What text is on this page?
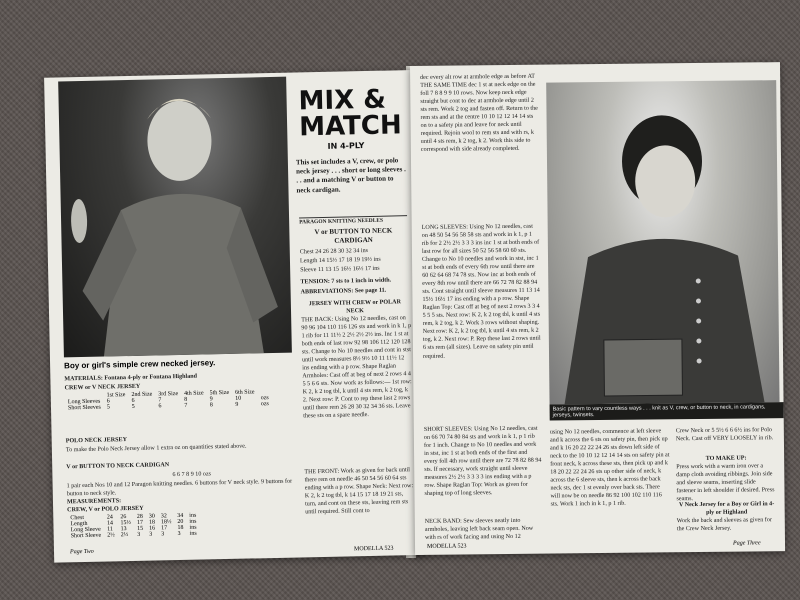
MIX &
MATCH
IN 4-PLY
This set includes a V, crew, or polo neck jersey . . . short or long sleeves . . . and a matching V or button to neck cardigan.
PARAGON KNITTING NEEDLES
V or BUTTON TO NECK CARDIGAN
Chest 24 26 28 30 32 34 ins
Length 14 15½ 17 18 19 19½ ins
Sleeve 11 13 15 16½ 16½ 17 ins
TENSION: 7 sts to 1 inch in width.
ABBREVIATIONS: See page 11.
JERSEY WITH CREW or POLAR NECK
THE BACK: Using No 12 needles, cast on 90 96 104 110 116 126 sts and work in k 1, p 1 rib for 11 11½ 2 2½ 2½ 2½ ins. Inc 1 st at both ends of last row 92 98 106 112 120 128 sts. Change to No 10 needles and cont in stst until work measures 8½ 9½ 10 11 11½ 12 ins ending with a p row. Shape Raglan Armholes: Cast off at beg of next 2 rows 4 4 5 5 6 6 sts. Now work as follows:— 1st row: K 2, k 2 tog tbl, k until 4 sts rem, k 2 tog, k 2. Next row: P. Cont to rep these last 2 rows until there rem 26 28 30 32 34 36 sts. Leave these sts on a spare needle.
THE FRONT: Work as given for back until there rem on needle 46 50 54 56 60 64 sts ending with a p row. Shape Neck: Next row: K 2, k 2 tog tbl, k 14 15 17 18 19 21 sts, turn, and cont on these sts, leaving rem sts until required. Still cont to
Boy or girl's simple crew necked jersey.
MATERIALS: Fontana 4-ply or Fontana Highland
CREW or V NECK JERSEY
	1st Size	2nd Size	3rd Size	4th Size	5th Size	6th Size	
Long Sleeves	6	6	7	8	9	10	ozs
Short Sleeves	5	5	6	7	8	9	ozs
POLO NECK JERSEY
To make the Polo Neck Jersey allow 1 extra oz on quantities stated above.
V or BUTTON TO NECK CARDIGAN
6 6 7 8 9 10 ozs
1 pair each Nos 10 and 12 Paragon knitting needles. 6 buttons for V neck style. 9 buttons for button to neck style.
MEASUREMENTS:
CREW, V or POLO JERSEY
Chest	24	26	28	30	32	34	ins
Length	14	15½	17	18	18½	20	ins
Long Sleeve	11	13	15	16	17	18	ins
Short Sleeve	2½	2½	3	3	3	3	ins
Page Two	MODELLA 523
dec every alt row at armhole edge as before AT THE SAME TIME dec 1 st at neck edge on the foll 7 8 8 9 9 10 rows. Now keep neck edge straight but cont to dec at armhole edge until 2 sts rem. Work 2 tog and fasten off. Return to the rem sts and at the centre 10 10 12 12 14 14 sts on to a safety pin and leave for neck until required. Rejoin wool to rem sts and with rs, k until 4 sts rem, k 2 tog, k 2. Work this side to correspond with side already completed.
LONG SLEEVES: Using No 12 needles, cast on 48 50 54 56 58 58 sts and work in k 1, p 1 rib for 2 2½ 2½ 3 3 3 ins inc 1 st at both ends of last row for all sizes 50 52 56 58 60 60 sts. Change to No 10 needles and work in stst, inc 1 st at both ends of every 6th row until there are 60 62 64 68 74 78 sts. Now inc at both ends of every 8th row until there are 66 72 78 82 88 94 sts. Cont straight until sleeve measures 11 13 14 15½ 16½ 17 ins ending with a p row. Shape Raglan Top: Cast off at beg of next 2 rows 3 3 4 5 5 5 sts. Next row: K 2, k 2 tog tbl, k until 4 sts rem, k 2 tog, k 2. Work 3 rows without shaping. Next row: K 2, k 2 tog tbl, k until 4 sts rem, k 2 tog, k 2. Next row: P. Rep these last 2 rows until 6 sts rem (all sizes). Leave on safety pin until required.
SHORT SLEEVES: Using No 12 needles, cast on 66 70 74 80 84 sts and work in k 1, p 1 rib for 1 inch. Change to No 10 needles and work in stst, inc 1 st at both ends of the first and every foll 4th row until there are 72 78 82 88 94 sts. If necessary, work straight until sleeve measures 2½ 2½ 3 3 3 3 ins ending with a p row. Shape Raglan Top: Work as given for shaping top of long sleeves.
NECK BAND: Sew sleeves neatly into armholes, leaving left back seam open. Now with rs of work facing and using No 12
Basic pattern to vary countless ways . . . knit as V, crew, or button to neck, in cardigans, jerseys, twinsets.
using No 12 needles, commence at left sleeve and k across the 6 sts on safety pin, then pick up and k 16 20 22 22 24 26 sts down left side of neck to the 10 10 12 12 14 14 sts on safety pin at front neck, k across these sts, then pick up and k 18 20 22 22 24 26 sts up other side of neck, k across the 6 sleeve sts, then k across the back neck sts, dec 1 st evenly over back sts. There will now be on needle 86 92 100 102 110 116 sts. Work 1 inch in k 1, p 1 rib.
Crew Neck or 5 5½ 6 6 6½ ins for Polo Neck. Cast off VERY LOOSELY in rib.
TO MAKE UP:
Press work with a warm iron over a damp cloth avoiding ribbings. Join side and sleeve seams, inserting slide fastener in left shoulder if desired. Press seams.
V Neck Jersey for a Boy or Girl in 4-ply or Highland
Work the back and sleeves as given for the Crew Neck Jersey.
MODELLA 523	Page Three
